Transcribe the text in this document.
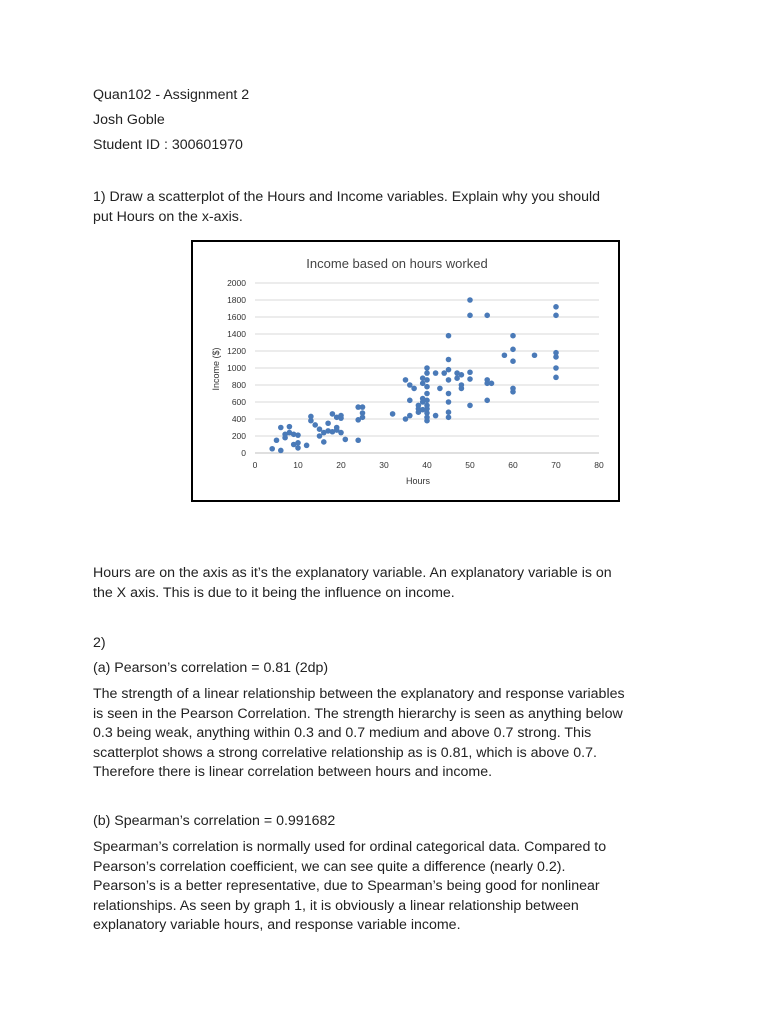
Quan102 - Assignment 2
Josh Goble
Student ID : 300601970
1) Draw a scatterplot of the Hours and Income variables. Explain why you should
put Hours on the x-axis.
Income based on hours worked
0
200
400
600
800
1000
1200
1400
1600
1800
2000
0	10	20	30	40	50	60	70	80
Hours
Income ($)
Hours are on the axis as it’s the explanatory variable. An explanatory variable is on
the X axis. This is due to it being the influence on income.
2)
(a) Pearson’s correlation = 0.81 (2dp)
The strength of a linear relationship between the explanatory and response variables
is seen in the Pearson Correlation. The strength hierarchy is seen as anything below
0.3 being weak, anything within 0.3 and 0.7 medium and above 0.7 strong. This
scatterplot shows a strong correlative relationship as is 0.81, which is above 0.7.
Therefore there is linear correlation between hours and income.
(b) Spearman’s correlation = 0.991682
Spearman’s correlation is normally used for ordinal categorical data. Compared to
Pearson’s correlation coefficient, we can see quite a difference (nearly 0.2).
Pearson’s is a better representative, due to Spearman’s being good for nonlinear
relationships. As seen by graph 1, it is obviously a linear relationship between
explanatory variable hours, and response variable income.
